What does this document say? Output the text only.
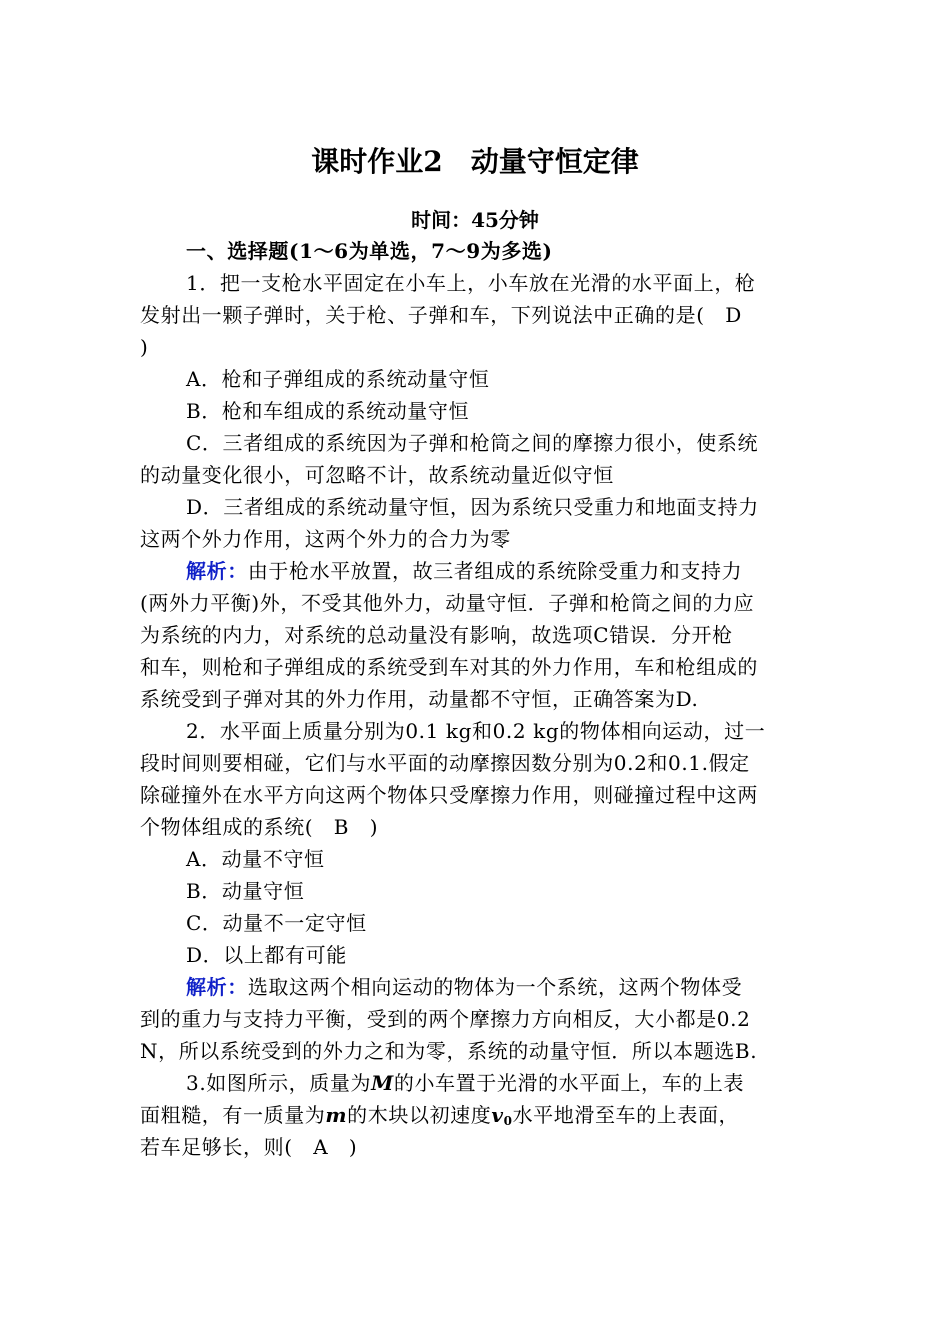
课时作业2　动量守恒定律
时间：45分钟
一、选择题(1～6为单选，7～9为多选)
1．把一支枪水平固定在小车上，小车放在光滑的水平面上，枪
发射出一颗子弹时，关于枪、子弹和车，下列说法中正确的是(　D
)
A．枪和子弹组成的系统动量守恒
B．枪和车组成的系统动量守恒
C．三者组成的系统因为子弹和枪筒之间的摩擦力很小，使系统
的动量变化很小，可忽略不计，故系统动量近似守恒
D．三者组成的系统动量守恒，因为系统只受重力和地面支持力
这两个外力作用，这两个外力的合力为零
解析：由于枪水平放置，故三者组成的系统除受重力和支持力
(两外力平衡)外，不受其他外力，动量守恒．子弹和枪筒之间的力应
为系统的内力，对系统的总动量没有影响，故选项C错误．分开枪
和车，则枪和子弹组成的系统受到车对其的外力作用，车和枪组成的
系统受到子弹对其的外力作用，动量都不守恒，正确答案为D.
2．水平面上质量分别为0.1 kg和0.2 kg的物体相向运动，过一
段时间则要相碰，它们与水平面的动摩擦因数分别为0.2和0.1.假定
除碰撞外在水平方向这两个物体只受摩擦力作用，则碰撞过程中这两
个物体组成的系统(　B　)
A．动量不守恒
B．动量守恒
C．动量不一定守恒
D．以上都有可能
解析：选取这两个相向运动的物体为一个系统，这两个物体受
到的重力与支持力平衡，受到的两个摩擦力方向相反，大小都是0.2
N，所以系统受到的外力之和为零，系统的动量守恒．所以本题选B.
3.如图所示，质量为M的小车置于光滑的水平面上，车的上表
面粗糙，有一质量为m的木块以初速度$v_0$水平地滑至车的上表面，
若车足够长，则(　A　)
